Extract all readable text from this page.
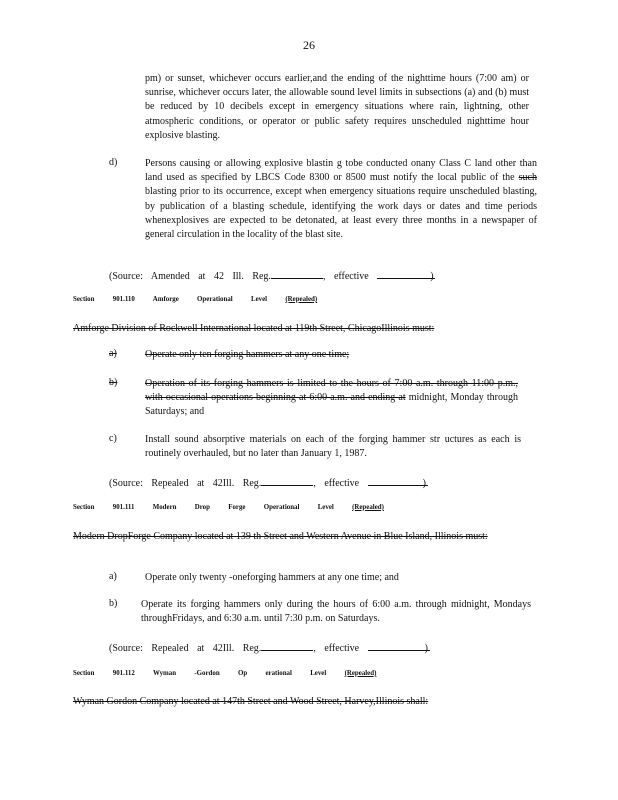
26
pm) or sunset, whichever occurs earlier,and the ending of the nighttime hours (7:00 am) or sunrise, whichever occurs later, the allowable sound level limits in subsections (a) and (b) must be reduced by 10 decibels except in emergency situations where rain, lightning, other atmospheric conditions, or operator or public safety requires unscheduled nighttime hour explosive blasting.
d)	Persons causing or allowing explosive blastin g tobe conducted onany Class C land other than land used as specified by LBCS Code 8300 or 8500 must notify the local public of the such blasting prior to its occurrence, except when emergency situations require unscheduled blasting, by publication of a blasting schedule, identifying the work days or dates and time periods whenexplosives are expected to be detonated, at least every three months in a newspaper of general circulation in the locality of the blast site.
(Source: Amended at 42 Ill. Reg.	, effective	)
Section 901.110 Amforge Operational Level (Repealed)
Amforge Division of Rockwell International located at 119th Street, ChicagoIllinois must:
a)	Operate only ten forging hammers at any one time;
b)	Operation of its forging hammers is limited to the hours of 7:00 a.m. through 11:00 p.m., with occasional operations beginning at 6:00 a.m. and ending at midnight, Monday through Saturdays; and
c)	Install sound absorptive materials on each of the forging hammer str uctures as each is routinely overhauled, but no later than January 1, 1987.
(Source: Repealed at 42Ill. Reg.	, effective	)
Section 901.111 Modern Drop Forge Operational Level (Repealed)
Modern DropForge Company located at 139 th Street and Western Avenue in Blue Island, Illinois must:
a)	Operate only twenty -oneforging hammers at any one time; and
b) Operate its forging hammers only during the hours of 6:00 a.m. through midnight, Mondays throughFridays, and 6:30 a.m. until 7:30 p.m. on Saturdays.
(Source: Repealed at 42Ill. Reg.	, effective	)
Section 901.112 Wyman -Gordon Op erational Level (Repealed)
Wyman Gordon Company located at 147th Street and Wood Street, Harvey,Illinois shall:
